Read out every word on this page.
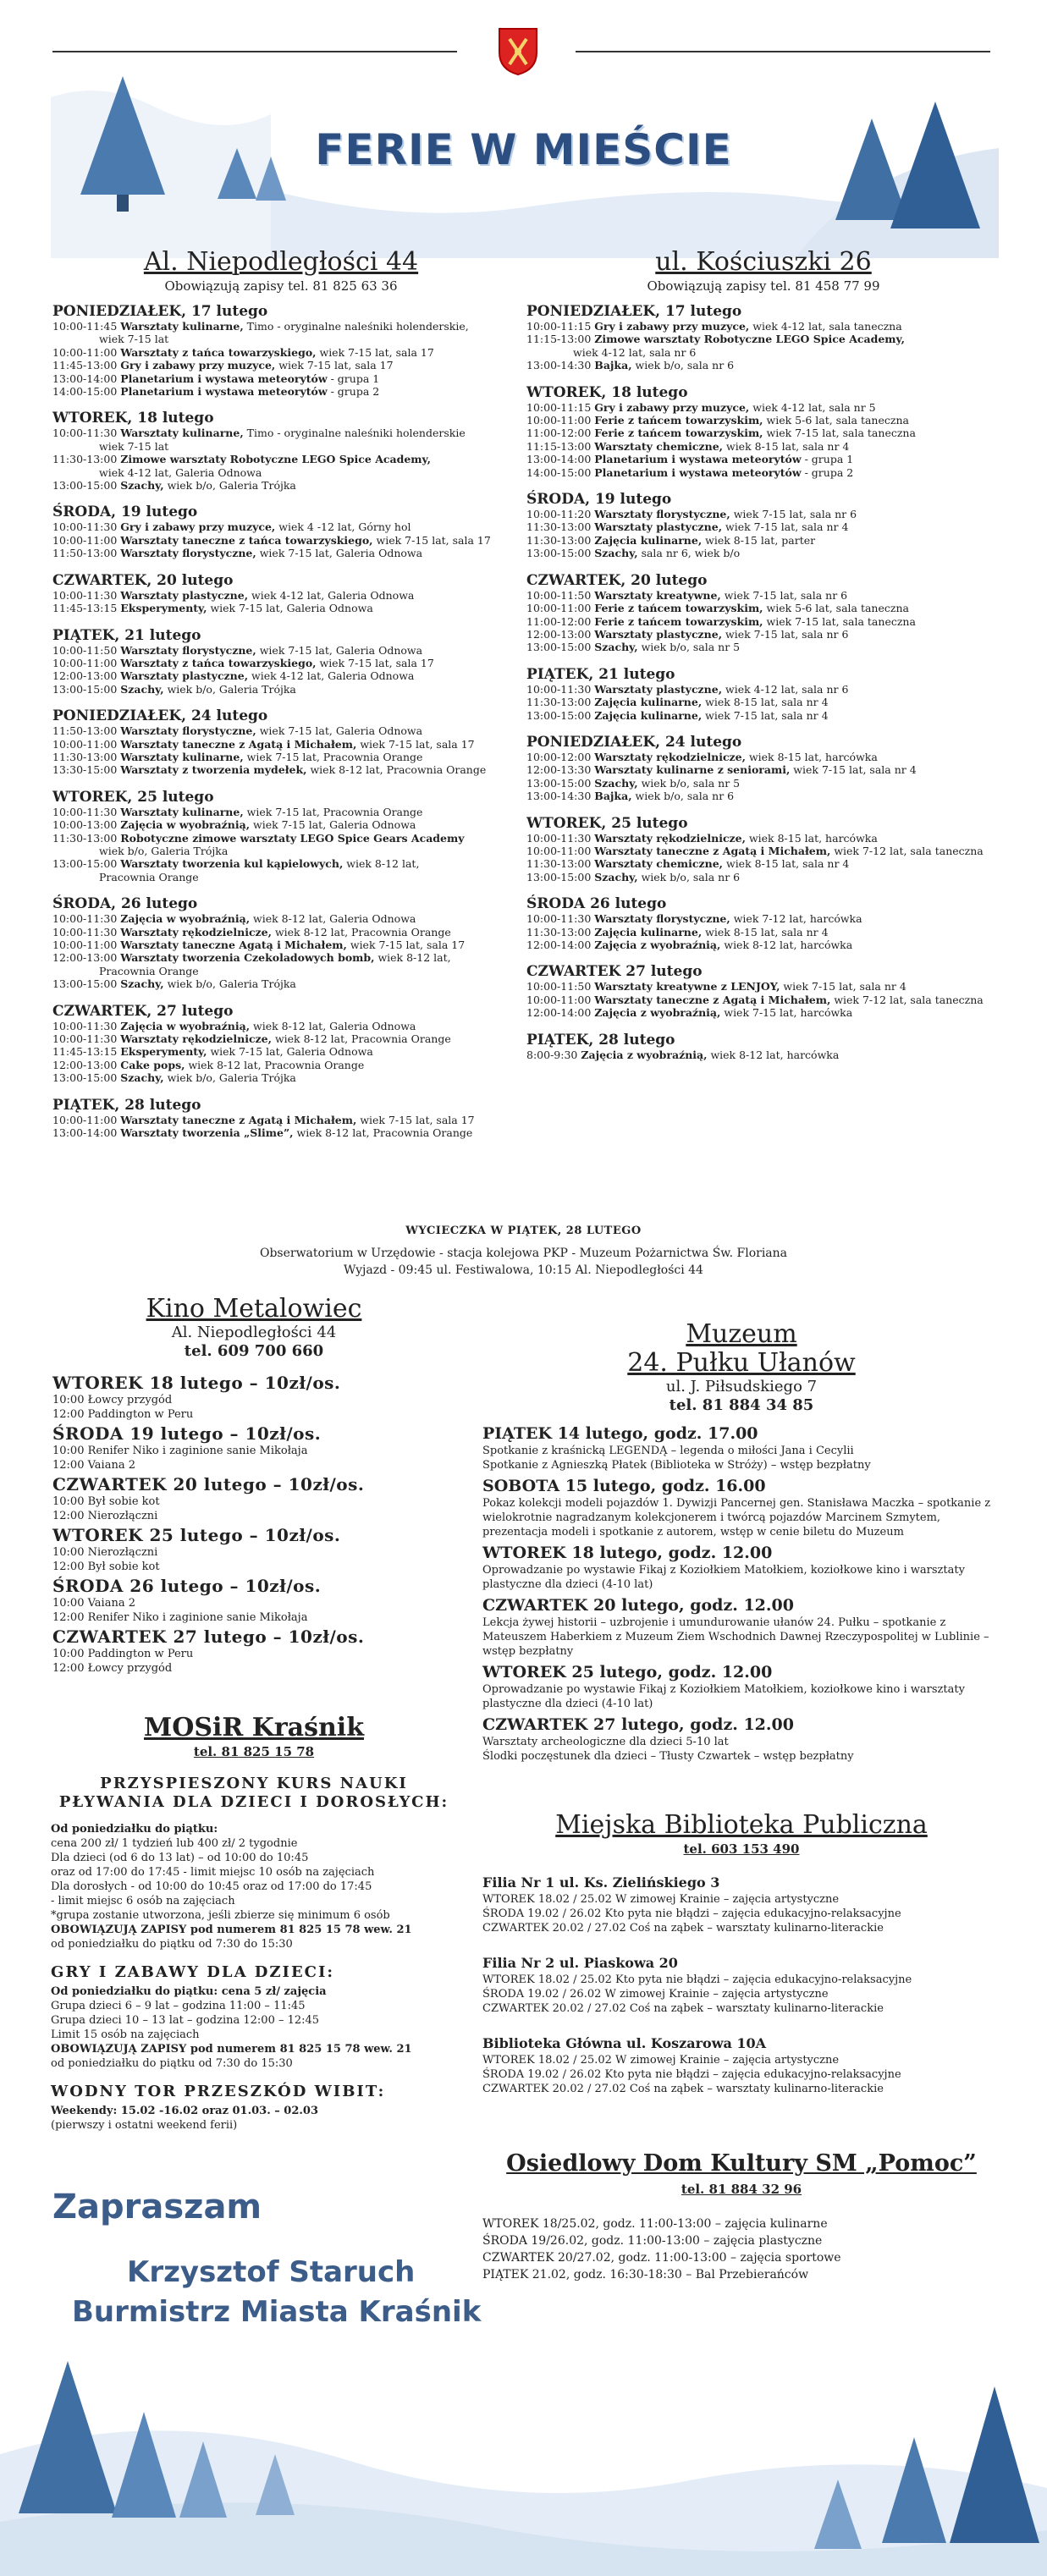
FERIE W MIEŚCIE
Al. Niepodległości 44
Obowiązują zapisy tel. 81 825 63 36
PONIEDZIAŁEK, 17 lutego
10:00-11:45 Warsztaty kulinarne, Timo - oryginalne naleśniki holenderskie,
wiek 7-15 lat
10:00-11:00 Warsztaty z tańca towarzyskiego, wiek 7-15 lat, sala 17
11:45-13:00 Gry i zabawy przy muzyce, wiek 7-15 lat, sala 17
13:00-14:00 Planetarium i wystawa meteorytów - grupa 1
14:00-15:00 Planetarium i wystawa meteorytów - grupa 2
WTOREK, 18 lutego
10:00-11:30 Warsztaty kulinarne, Timo - oryginalne naleśniki holenderskie
wiek 7-15 lat
11:30-13:00 Zimowe warsztaty Robotyczne LEGO Spice Academy,
wiek 4-12 lat, Galeria Odnowa
13:00-15:00 Szachy, wiek b/o, Galeria Trójka
ŚRODA, 19 lutego
10:00-11:30 Gry i zabawy przy muzyce, wiek 4 -12 lat, Górny hol
10:00-11:00 Warsztaty taneczne z tańca towarzyskiego, wiek 7-15 lat, sala 17
11:50-13:00 Warsztaty florystyczne, wiek 7-15 lat, Galeria Odnowa
CZWARTEK, 20 lutego
10:00-11:30 Warsztaty plastyczne, wiek 4-12 lat, Galeria Odnowa
11:45-13:15 Eksperymenty, wiek 7-15 lat, Galeria Odnowa
PIĄTEK, 21 lutego
10:00-11:50 Warsztaty florystyczne, wiek 7-15 lat, Galeria Odnowa
10:00-11:00 Warsztaty z tańca towarzyskiego, wiek 7-15 lat, sala 17
12:00-13:00 Warsztaty plastyczne, wiek 4-12 lat, Galeria Odnowa
13:00-15:00 Szachy, wiek b/o, Galeria Trójka
PONIEDZIAŁEK, 24 lutego
11:50-13:00 Warsztaty florystyczne, wiek 7-15 lat, Galeria Odnowa
10:00-11:00 Warsztaty taneczne z Agatą i Michałem, wiek 7-15 lat, sala 17
11:30-13:00 Warsztaty kulinarne, wiek 7-15 lat, Pracownia Orange
13:30-15:00 Warsztaty z tworzenia mydełek, wiek 8-12 lat, Pracownia Orange
WTOREK, 25 lutego
10:00-11:30 Warsztaty kulinarne, wiek 7-15 lat, Pracownia Orange
10:00-13:00 Zajęcia w wyobraźnią, wiek 7-15 lat, Galeria Odnowa
11:30-13:00 Robotyczne zimowe warsztaty LEGO Spice Gears Academy
wiek b/o, Galeria Trójka
13:00-15:00 Warsztaty tworzenia kul kąpielowych, wiek 8-12 lat,
Pracownia Orange
ŚRODA, 26 lutego
10:00-11:30 Zajęcia w wyobraźnią, wiek 8-12 lat, Galeria Odnowa
10:00-11:30 Warsztaty rękodzielnicze, wiek 8-12 lat, Pracownia Orange
10:00-11:00 Warsztaty taneczne Agatą i Michałem, wiek 7-15 lat, sala 17
12:00-13:00 Warsztaty tworzenia Czekoladowych bomb, wiek 8-12 lat,
Pracownia Orange
13:00-15:00 Szachy, wiek b/o, Galeria Trójka
CZWARTEK, 27 lutego
10:00-11:30 Zajęcia w wyobraźnią, wiek 8-12 lat, Galeria Odnowa
10:00-11:30 Warsztaty rękodzielnicze, wiek 8-12 lat, Pracownia Orange
11:45-13:15 Eksperymenty, wiek 7-15 lat, Galeria Odnowa
12:00-13:00 Cake pops, wiek 8-12 lat, Pracownia Orange
13:00-15:00 Szachy, wiek b/o, Galeria Trójka
PIĄTEK, 28 lutego
10:00-11:00 Warsztaty taneczne z Agatą i Michałem, wiek 7-15 lat, sala 17
13:00-14:00 Warsztaty tworzenia „Slime”, wiek 8-12 lat, Pracownia Orange
ul. Kościuszki 26
Obowiązują zapisy tel. 81 458 77 99
PONIEDZIAŁEK, 17 lutego
10:00-11:15 Gry i zabawy przy muzyce, wiek 4-12 lat, sala taneczna
11:15-13:00 Zimowe warsztaty Robotyczne LEGO Spice Academy,
wiek 4-12 lat, sala nr 6
13:00-14:30 Bajka, wiek b/o, sala nr 6
WTOREK, 18 lutego
10:00-11:15 Gry i zabawy przy muzyce, wiek 4-12 lat, sala nr 5
10:00-11:00 Ferie z tańcem towarzyskim, wiek 5-6 lat, sala taneczna
11:00-12:00 Ferie z tańcem towarzyskim, wiek 7-15 lat, sala taneczna
11:15-13:00 Warsztaty chemiczne, wiek 8-15 lat, sala nr 4
13:00-14:00 Planetarium i wystawa meteorytów - grupa 1
14:00-15:00 Planetarium i wystawa meteorytów - grupa 2
ŚRODA, 19 lutego
10:00-11:20 Warsztaty florystyczne, wiek 7-15 lat, sala nr 6
11:30-13:00 Warsztaty plastyczne, wiek 7-15 lat, sala nr 4
11:30-13:00 Zajęcia kulinarne, wiek 8-15 lat, parter
13:00-15:00 Szachy, sala nr 6, wiek b/o
CZWARTEK, 20 lutego
10:00-11:50 Warsztaty kreatywne, wiek 7-15 lat, sala nr 6
10:00-11:00 Ferie z tańcem towarzyskim, wiek 5-6 lat, sala taneczna
11:00-12:00 Ferie z tańcem towarzyskim, wiek 7-15 lat, sala taneczna
12:00-13:00 Warsztaty plastyczne, wiek 7-15 lat, sala nr 6
13:00-15:00 Szachy, wiek b/o, sala nr 5
PIĄTEK, 21 lutego
10:00-11:30 Warsztaty plastyczne, wiek 4-12 lat, sala nr 6
11:30-13:00 Zajęcia kulinarne, wiek 8-15 lat, sala nr 4
13:00-15:00 Zajęcia kulinarne, wiek 7-15 lat, sala nr 4
PONIEDZIAŁEK, 24 lutego
10:00-12:00 Warsztaty rękodzielnicze, wiek 8-15 lat, harcówka
12:00-13:30 Warsztaty kulinarne z seniorami, wiek 7-15 lat, sala nr 4
13:00-15:00 Szachy, wiek b/o, sala nr 5
13:00-14:30 Bajka, wiek b/o, sala nr 6
WTOREK, 25 lutego
10:00-11:30 Warsztaty rękodzielnicze, wiek 8-15 lat, harcówka
10:00-11:00 Warsztaty taneczne z Agatą i Michałem, wiek 7-12 lat, sala taneczna
11:30-13:00 Warsztaty chemiczne, wiek 8-15 lat, sala nr 4
13:00-15:00 Szachy, wiek b/o, sala nr 6
ŚRODA 26 lutego
10:00-11:30 Warsztaty florystyczne, wiek 7-12 lat, harcówka
11:30-13:00 Zajęcia kulinarne, wiek 8-15 lat, sala nr 4
12:00-14:00 Zajęcia z wyobraźnią, wiek 8-12 lat, harcówka
CZWARTEK 27 lutego
10:00-11:50 Warsztaty kreatywne z LENJOY, wiek 7-15 lat, sala nr 4
10:00-11:00 Warsztaty taneczne z Agatą i Michałem, wiek 7-12 lat, sala taneczna
12:00-14:00 Zajęcia z wyobraźnią, wiek 7-15 lat, harcówka
PIĄTEK, 28 lutego
8:00-9:30 Zajęcia z wyobraźnią, wiek 8-12 lat, harcówka
WYCIECZKA W PIĄTEK, 28 LUTEGO
Obserwatorium w Urzędowie - stacja kolejowa PKP - Muzeum Pożarnictwa Św. Floriana
Wyjazd - 09:45 ul. Festiwalowa, 10:15 Al. Niepodległości 44
Kino Metalowiec
Al. Niepodległości 44
tel. 609 700 660
WTOREK 18 lutego – 10zł/os.
10:00 Łowcy przygód
12:00 Paddington w Peru
ŚRODA 19 lutego – 10zł/os.
10:00 Renifer Niko i zaginione sanie Mikołaja
12:00 Vaiana 2
CZWARTEK 20 lutego – 10zł/os.
10:00 Był sobie kot
12:00 Nierozłączni
WTOREK 25 lutego – 10zł/os.
10:00 Nierozłączni
12:00 Był sobie kot
ŚRODA 26 lutego – 10zł/os.
10:00 Vaiana 2
12:00 Renifer Niko i zaginione sanie Mikołaja
CZWARTEK 27 lutego – 10zł/os.
10:00 Paddington w Peru
12:00 Łowcy przygód
Muzeum
24. Pułku Ułanów
ul. J. Piłsudskiego 7
tel. 81 884 34 85
PIĄTEK 14 lutego, godz. 17.00
Spotkanie z kraśnicką LEGENDĄ – legenda o miłości Jana i Cecylii
Spotkanie z Agnieszką Płatek (Biblioteka w Stróży) – wstęp bezpłatny
SOBOTA 15 lutego, godz. 16.00
Pokaz kolekcji modeli pojazdów 1. Dywizji Pancernej gen. Stanisława Maczka – spotkanie z wielokrotnie nagradzanym kolekcjonerem i twórcą pojazdów Marcinem Szmytem, prezentacja modeli i spotkanie z autorem, wstęp w cenie biletu do Muzeum
WTOREK 18 lutego, godz. 12.00
Oprowadzanie po wystawie Fikaj z Koziołkiem Matołkiem, koziołkowe kino i warsztaty plastyczne dla dzieci (4-10 lat)
CZWARTEK 20 lutego, godz. 12.00
Lekcja żywej historii – uzbrojenie i umundurowanie ułanów 24. Pułku – spotkanie z Mateuszem Haberkiem z Muzeum Ziem Wschodnich Dawnej Rzeczypospolitej w Lublinie – wstęp bezpłatny
WTOREK 25 lutego, godz. 12.00
Oprowadzanie po wystawie Fikaj z Koziołkiem Matołkiem, koziołkowe kino i warsztaty plastyczne dla dzieci (4-10 lat)
CZWARTEK 27 lutego, godz. 12.00
Warsztaty archeologiczne dla dzieci 5-10 lat
Ślodki poczęstunek dla dzieci – Tłusty Czwartek – wstęp bezpłatny
MOSiR Kraśnik
tel. 81 825 15 78
PRZYSPIESZONY KURS NAUKI PŁYWANIA DLA DZIECI I DOROSŁYCH:
Od poniedziałku do piątku:
cena 200 zł/ 1 tydzień lub 400 zł/ 2 tygodnie
Dla dzieci (od 6 do 13 lat) – od 10:00 do 10:45
oraz od 17:00 do 17:45 - limit miejsc 10 osób na zajęciach
Dla dorosłych - od 10:00 do 10:45 oraz od 17:00 do 17:45
- limit miejsc 6 osób na zajęciach
*grupa zostanie utworzona, jeśli zbierze się minimum 6 osób
OBOWIĄZUJĄ ZAPISY pod numerem 81 825 15 78 wew. 21
od poniedziałku do piątku od 7:30 do 15:30
GRY I ZABAWY DLA DZIECI:
Od poniedziałku do piątku: cena 5 zł/ zajęcia
Grupa dzieci 6 – 9 lat – godzina 11:00 – 11:45
Grupa dzieci 10 – 13 lat – godzina 12:00 – 12:45
Limit 15 osób na zajęciach
OBOWIĄZUJĄ ZAPISY pod numerem 81 825 15 78 wew. 21
od poniedziałku do piątku od 7:30 do 15:30
WODNY TOR PRZESZKÓD WIBIT:
Weekendy: 15.02 -16.02 oraz 01.03. – 02.03
(pierwszy i ostatni weekend ferii)
Miejska Biblioteka Publiczna
tel. 603 153 490
Filia Nr 1 ul. Ks. Zielińskiego 3
WTOREK 18.02 / 25.02 W zimowej Krainie – zajęcia artystyczne
ŚRODA 19.02 / 26.02 Kto pyta nie błądzi – zajęcia edukacyjno-relaksacyjne
CZWARTEK 20.02 / 27.02 Coś na ząbek – warsztaty kulinarno-literackie
Filia Nr 2 ul. Piaskowa 20
WTOREK 18.02 / 25.02 Kto pyta nie błądzi – zajęcia edukacyjno-relaksacyjne
ŚRODA 19.02 / 26.02 W zimowej Krainie – zajęcia artystyczne
CZWARTEK 20.02 / 27.02 Coś na ząbek – warsztaty kulinarno-literackie
Biblioteka Główna ul. Koszarowa 10A
WTOREK 18.02 / 25.02 W zimowej Krainie – zajęcia artystyczne
ŚRODA 19.02 / 26.02 Kto pyta nie błądzi – zajęcia edukacyjno-relaksacyjne
CZWARTEK 20.02 / 27.02 Coś na ząbek – warsztaty kulinarno-literackie
Osiedlowy Dom Kultury SM „Pomoc”
tel. 81 884 32 96
WTOREK 18/25.02, godz. 11:00-13:00 – zajęcia kulinarne
ŚRODA 19/26.02, godz. 11:00-13:00 – zajęcia plastyczne
CZWARTEK 20/27.02, godz. 11:00-13:00 – zajęcia sportowe
PIĄTEK 21.02, godz. 16:30-18:30 – Bal Przebierańców
Zapraszam
Krzysztof Staruch
Burmistrz Miasta Kraśnik
